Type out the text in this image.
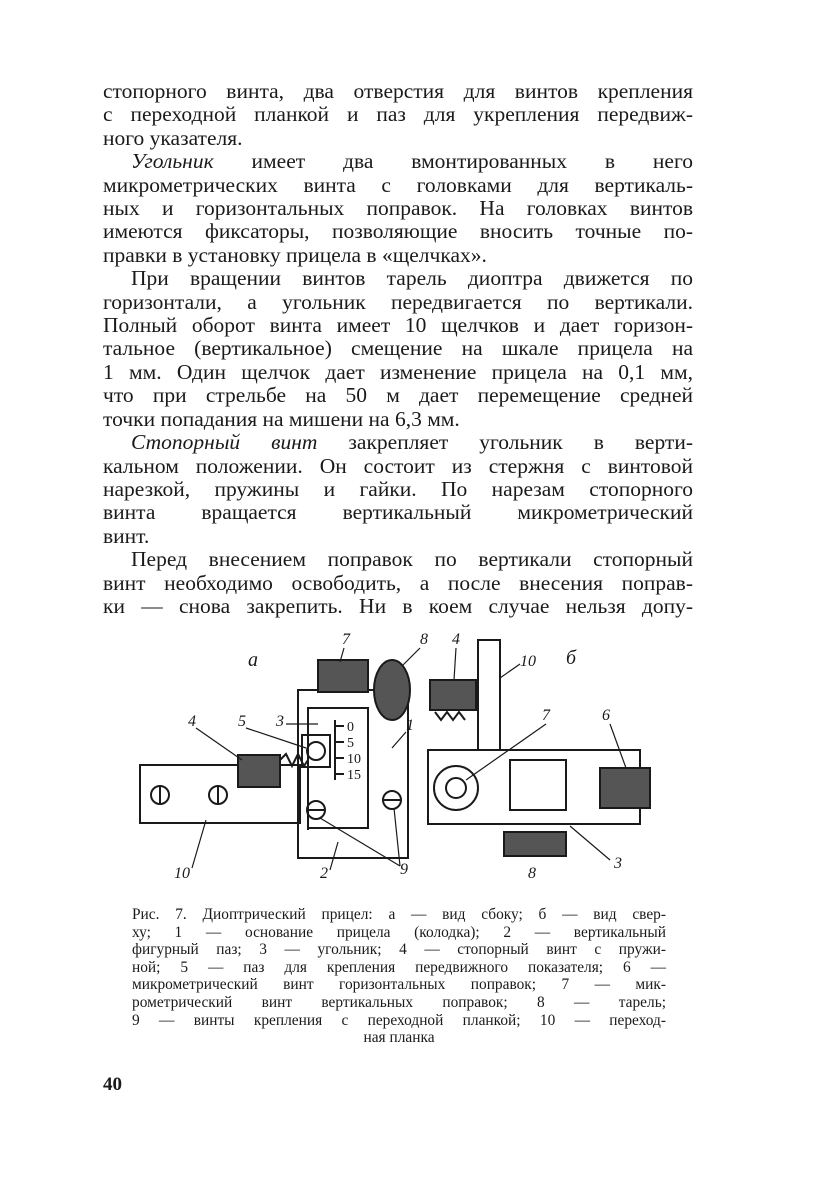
стопорного винта, два отверстия для винтов крепления
с переходной планкой и паз для укрепления передвиж-
ного указателя.

Угольник имеет два вмонтированных в него
микрометрических винта с головками для вертикаль-
ных и горизонтальных поправок. На головках винтов
имеются фиксаторы, позволяющие вносить точные по-
правки в установку прицела в «щелчках».

При вращении винтов тарель диоптра движется по
горизонтали, а угольник передвигается по вертикали.
Полный оборот винта имеет 10 щелчков и дает горизон-
тальное (вертикальное) смещение на шкале прицела на
1 мм. Один щелчок дает изменение прицела на 0,1 мм,
что при стрельбе на 50 м дает перемещение средней
точки попадания на мишени на 6,3 мм.

Стопорный винт закрепляет угольник в верти-
кальном положении. Он состоит из стержня с винтовой
нарезкой, пружины и гайки. По нарезам стопорного
винта вращается вертикальный микрометрический
винт.

Перед внесением поправок по вертикали стопорный
винт необходимо освободить, а после внесения поправ-
ки — снова закрепить. Ни в коем случае нельзя допу-

0
5
10
15
а
7	8
4	5 3	1
10	2	9
б
4
10
7	6
3
8
Рис. 7. Диоптрический прицел: а — вид сбоку; б — вид свер-
ху; 1 — основание прицела (колодка); 2 — вертикальный
фигурный паз; 3 — угольник; 4 — стопорный винт с пружи-
ной; 5 — паз для крепления передвижного показателя; 6 —
микрометрический винт горизонтальных поправок; 7 — мик-
рометрический винт вертикальных поправок; 8 — тарель;
9 — винты крепления с переходной планкой; 10 — переход-
ная планка
40
